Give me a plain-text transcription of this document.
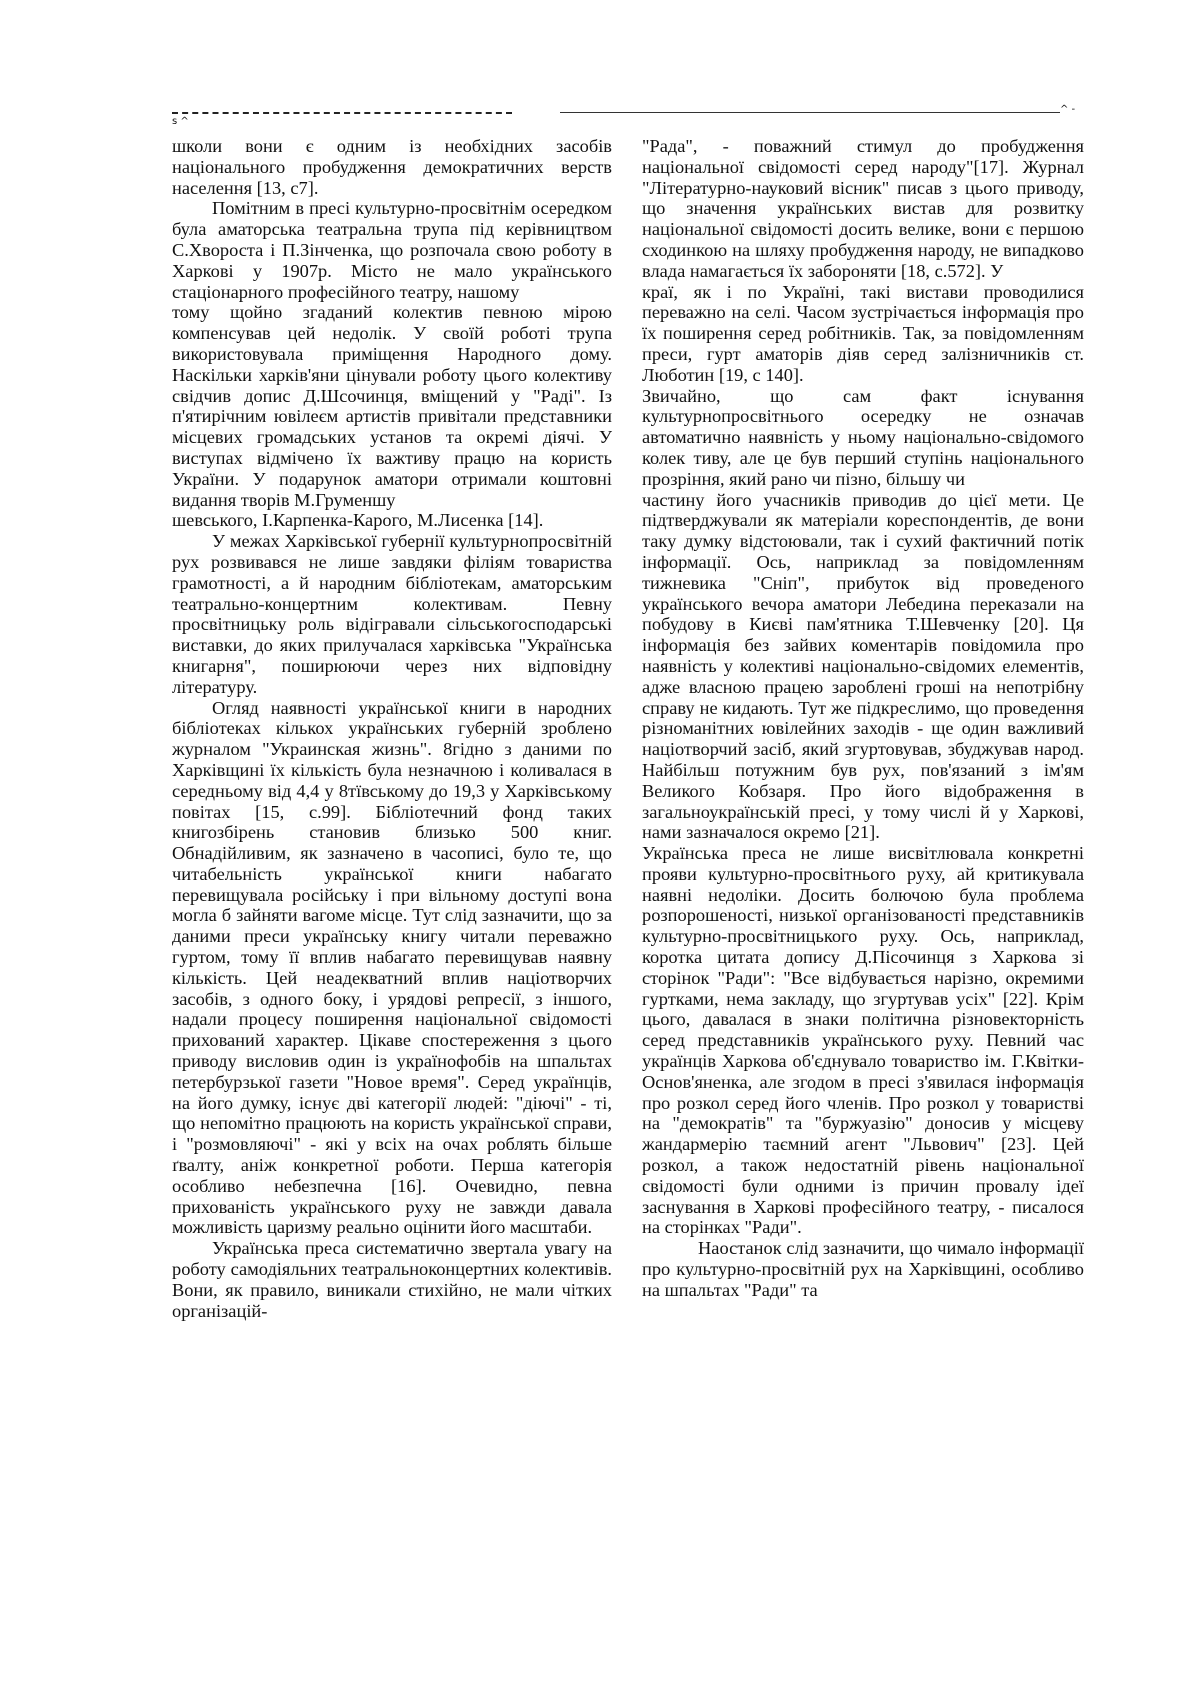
s ^
^ -

школи вони є одним із необхідних засобів національного пробудження демократичних верств населення [13, с7].

Помітним в пресі культурно-просвітнім осередком була аматорська театральна трупа під керівництвом С.Хвороста і П.Зінченка, що розпочала свою роботу в Харкові у 1907р. Місто не мало українського стаціонарного професійного театру, нашому

тому щойно згаданий колектив певною мірою компенсував цей недолік. У своїй роботі трупа використовувала приміщення Народного дому. Наскільки харків'яни цінували роботу цього колективу свідчив допис Д.Шсочинця, вміщений у "Раді". Із п'ятирічним ювілеєм артистів привітали представники місцевих громадських установ та окремі діячі. У виступах відмічено їх важтиву працю на користь України. У подарунок аматори отримали коштовні видання творів М.Груменшу

шевського, І.Карпенка-Карого, М.Лисенка [14].

У межах Харківської губернії культурнопросвітній рух розвивався не лише завдяки філіям товариства грамотності, а й народним бібліотекам, аматорським театрально-концертним колективам. Певну просвітницьку роль відігравали сільськогосподарські виставки, до яких прилучалася харківська "Українська книгарня", поширюючи через них відповідну літературу.

Огляд наявності української книги в народних бібліотеках кількох українських губерній зроблено журналом "Украинская жизнь". 8гідно з даними по Харківщині їх кількість була незначною і коливалася в середньому від 4,4 у 8тївському до 19,3 у Харківському повітах [15, с.99]. Бібліотечний фонд таких книгозбірень становив близько 500 книг. Обнадійливим, як зазначено в часописі, було те, що читабельність української книги набагато перевищувала російську і при вільному доступі вона могла б зайняти вагоме місце. Тут слід зазначити, що за даними преси українську книгу читали переважно гуртом, тому її вплив набагато перевищував наявну кількість. Цей неадекватний вплив націотворчих засобів, з одного боку, і урядові репресії, з іншого, надали процесу поширення національної свідомості прихований характер. Цікаве спостереження з цього приводу висловив один із українофобів на шпальтах петербурзької газети "Новое время". Серед українців, на його думку, існує дві категорії людей: "діючі" - ті, що непомітно працюють на користь української справи, і "розмовляючі" - які у всіх на очах роблять більше ґвалту, аніж конкретної роботи. Перша категорія особливо небезпечна [16]. Очевидно, певна прихованість українського руху не завжди давала можливість царизму реально оцінити його масштаби.

Українська преса систематично звертала увагу на роботу самодіяльних театральноконцертних колективів. Вони, як правило, виникали стихійно, не мали чітких організацій-

"Рада", - поважний стимул до пробудження національної свідомості серед народу"[17]. Журнал "Літературно-науковий вісник" писав з цього приводу, що значення українських вистав для розвитку національної свідомості досить велике, вони є першою сходинкою на шляху пробудження народу, не випадково влада намагається їх забороняти [18, с.572]. У

краї, як і по Україні, такі вистави проводилися переважно на селі. Часом зустрічається інформація про їх поширення серед робітників. Так, за повідомленням преси, гурт аматорів діяв серед залізничників ст. Люботин [19, с 140].

Звичайно, що сам факт існування культурнопросвітнього осередку не означав автоматично наявність у ньому національно-свідомого колек тиву, але це був перший ступінь національного прозріння, який рано чи пізно, більшу чи

частину його учасників приводив до цієї мети. Це підтверджували як матеріали кореспондентів, де вони таку думку відстоювали, так і сухий фактичний потік інформації. Ось, наприклад за повідомленням тижневика "Сніп", прибуток від проведеного українського вечора аматори Лебедина переказали на побудову в Києві пам'ятника Т.Шевченку [20]. Ця інформація без зайвих коментарів повідомила про наявність у колективі національно-свідомих елементів, адже власною працею зароблені гроші на непотрібну справу не кидають. Тут же підкреслимо, що проведення різноманітних ювілейних заходів - ще один важливий націотворчий засіб, який згуртовував, збуджував народ. Найбільш потужним був рух, пов'язаний з ім'ям Великого Кобзаря. Про його відображення в загальноукраїнській пресі, у тому числі й у Харкові, нами зазначалося окремо [21].

Українська преса не лише висвітлювала конкретні прояви культурно-просвітнього руху, ай критикувала наявні недоліки. Досить болючою була проблема розпорошеності, низької організованості представників культурно-просвітницького руху. Ось, наприклад, коротка цитата допису Д.Пісочинця з Харкова зі сторінок "Ради": "Все відбувається нарізно, окремими гуртками, нема закладу, що згуртував усіх" [22]. Крім цього, давалася в знаки політична різновекторність серед представників українського руху. Певний час українців Харкова об'єднувало товариство ім. Г.Квітки-Основ'яненка, але згодом в пресі з'явилася інформація про розкол серед його членів. Про розкол у товаристві на "демократів" та "буржуазію" доносив у місцеву жандармерію таємний агент "Львович" [23]. Цей розкол, а також недостатній рівень національної свідомості були одними із причин провалу ідеї заснування в Харкові професійного театру, - писалося на сторінках "Ради".

Наостанок слід зазначити, що чимало інформації про культурно-просвітній рух на Харківщині, особливо на шпальтах "Ради" та
